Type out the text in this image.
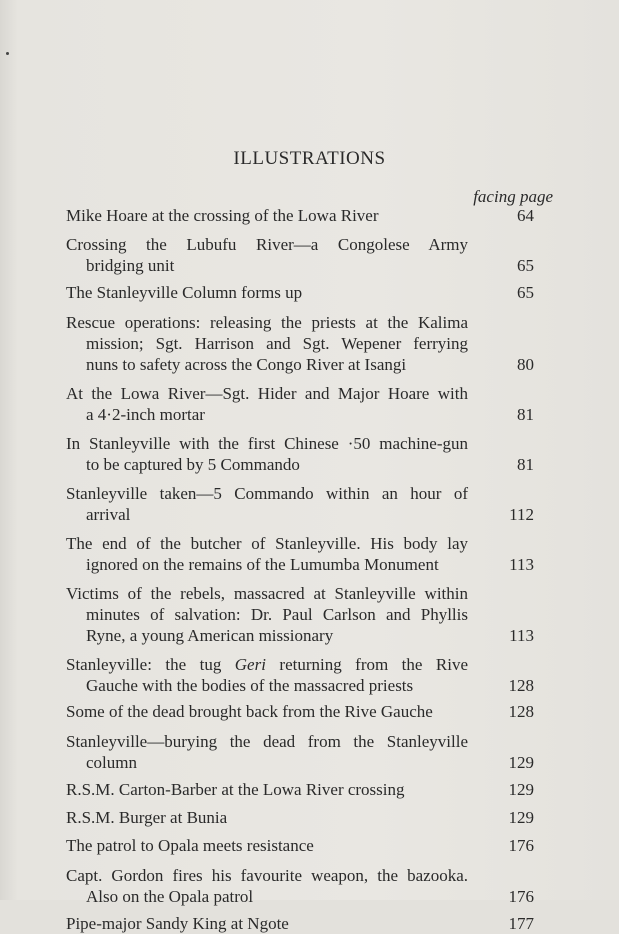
ILLUSTRATIONS
facing page
Mike Hoare at the crossing of the Lowa River	64
Crossing the Lubufu River—a Congolese Army
bridging unit	65
The Stanleyville Column forms up	65
Rescue operations: releasing the priests at the Kalima
mission; Sgt. Harrison and Sgt. Wepener ferrying
nuns to safety across the Congo River at Isangi	80
At the Lowa River—Sgt. Hider and Major Hoare with
a 4·2-inch mortar	81
In Stanleyville with the first Chinese ·50 machine-gun
to be captured by 5 Commando	81
Stanleyville taken—5 Commando within an hour of
arrival	112
The end of the butcher of Stanleyville. His body lay
ignored on the remains of the Lumumba Monument	113
Victims of the rebels, massacred at Stanleyville within
minutes of salvation: Dr. Paul Carlson and Phyllis
Ryne, a young American missionary	113
Stanleyville: the tug Geri returning from the Rive
Gauche with the bodies of the massacred priests	128
Some of the dead brought back from the Rive Gauche	128
Stanleyville—burying the dead from the Stanleyville
column	129
R.S.M. Carton-Barber at the Lowa River crossing	129
R.S.M. Burger at Bunia	129
The patrol to Opala meets resistance	176
Capt. Gordon fires his favourite weapon, the bazooka.
Also on the Opala patrol	176
Pipe-major Sandy King at Ngote	177
